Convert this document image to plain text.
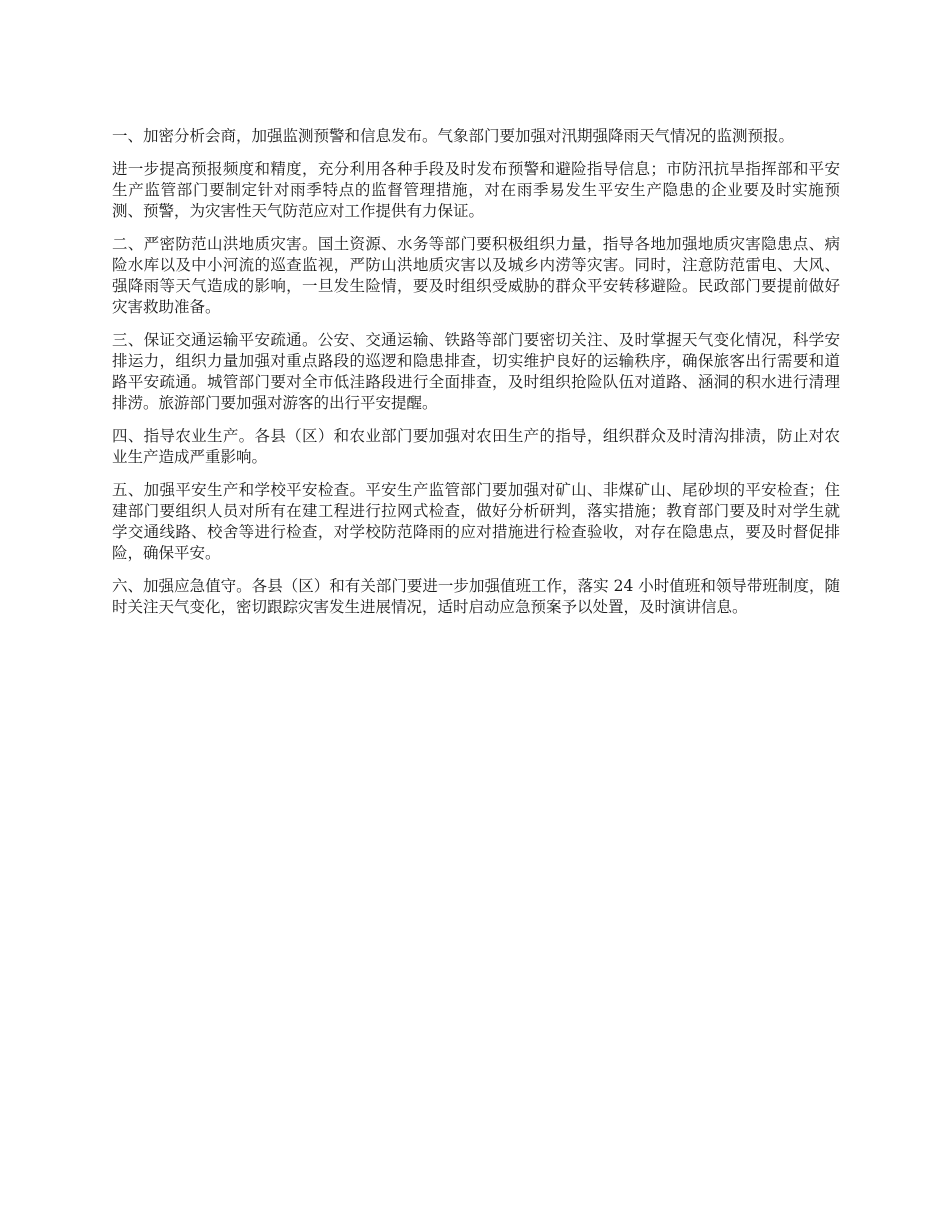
一、加密分析会商，加强监测预警和信息发布。气象部门要加强对汛期强降雨天气情况的监测预报。

进一步提高预报频度和精度，充分利用各种手段及时发布预警和避险指导信息；市防汛抗旱指挥部和平安生产监管部门要制定针对雨季特点的监督管理措施，对在雨季易发生平安生产隐患的企业要及时实施预测、预警，为灾害性天气防范应对工作提供有力保证。

二、严密防范山洪地质灾害。国土资源、水务等部门要积极组织力量，指导各地加强地质灾害隐患点、病险水库以及中小河流的巡查监视，严防山洪地质灾害以及城乡内涝等灾害。同时，注意防范雷电、大风、强降雨等天气造成的影响，一旦发生险情，要及时组织受威胁的群众平安转移避险。民政部门要提前做好灾害救助准备。

三、保证交通运输平安疏通。公安、交通运输、铁路等部门要密切关注、及时掌握天气变化情况，科学安排运力，组织力量加强对重点路段的巡逻和隐患排查，切实维护良好的运输秩序，确保旅客出行需要和道路平安疏通。城管部门要对全市低洼路段进行全面排查，及时组织抢险队伍对道路、涵洞的积水进行清理排涝。旅游部门要加强对游客的出行平安提醒。

四、指导农业生产。各县（区）和农业部门要加强对农田生产的指导，组织群众及时清沟排渍，防止对农业生产造成严重影响。

五、加强平安生产和学校平安检查。平安生产监管部门要加强对矿山、非煤矿山、尾砂坝的平安检查；住建部门要组织人员对所有在建工程进行拉网式检查，做好分析研判，落实措施；教育部门要及时对学生就学交通线路、校舍等进行检查，对学校防范降雨的应对措施进行检查验收，对存在隐患点，要及时督促排险，确保平安。

六、加强应急值守。各县（区）和有关部门要进一步加强值班工作，落实 24 小时值班和领导带班制度，随时关注天气变化，密切跟踪灾害发生进展情况，适时启动应急预案予以处置，及时演讲信息。
